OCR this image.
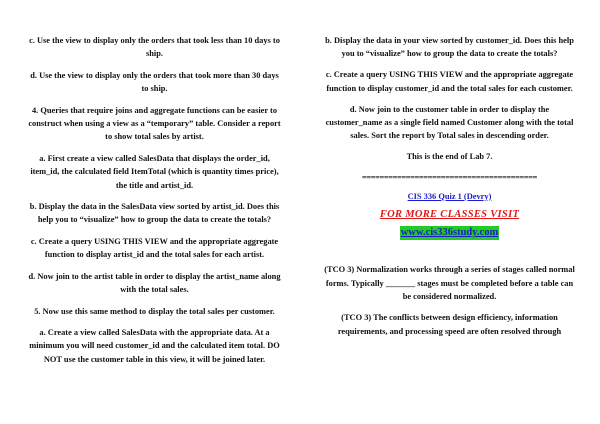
c. Use the view to display only the orders that took less than 10 days to ship.

d. Use the view to display only the orders that took more than 30 days to ship.

4. Queries that require joins and aggregate functions can be easier to construct when using a view as a “temporary” table. Consider a report to show total sales by artist.

a. First create a view called SalesData that displays the order_id, item_id, the calculated field ItemTotal (which is quantity times price), the title and artist_id.

b. Display the data in the SalesData view sorted by artist_id. Does this help you to “visualize” how to group the data to create the totals?

c. Create a query USING THIS VIEW and the appropriate aggregate function to display artist_id and the total sales for each artist.

d. Now join to the artist table in order to display the artist_name along with the total sales.

5. Now use this same method to display the total sales per customer.

a. Create a view called SalesData with the appropriate data. At a minimum you will need customer_id and the calculated item total. DO NOT use the customer table in this view, it will be joined later.

b. Display the data in your view sorted by customer_id. Does this help you to “visualize” how to group the data to create the totals?

c. Create a query USING THIS VIEW and the appropriate aggregate function to display customer_id and the total sales for each customer.

d. Now join to the customer table in order to display the customer_name as a single field named Customer along with the total sales. Sort the report by Total sales in descending order.

This is the end of Lab 7.

========================================

CIS 336 Quiz 1 (Devry)

FOR MORE CLASSES VISIT

www.cis336study.com

(TCO 3) Normalization works through a series of stages called normal forms. Typically _______ stages must be completed before a table can be considered normalized.

(TCO 3) The conflicts between design efficiency, information requirements, and processing speed are often resolved through
